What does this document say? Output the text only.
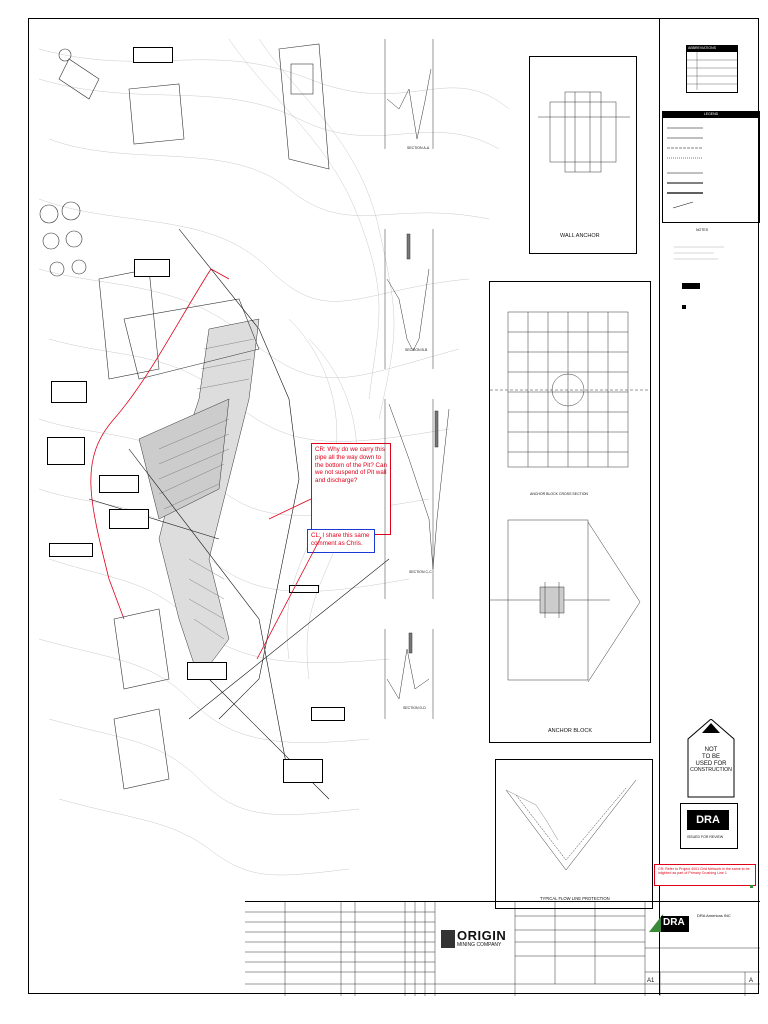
CR: Why do we carry this pipe all the way down to the bottom of the Pit? Can we not suspend of Pit wall and discharge?
CL: I share this same comment as Chris.
SECTION A-A
SECTION B-B
SECTION C-C
SECTION D-D
WALL ANCHOR
ANCHOR BLOCK CROSS SECTION
ANCHOR BLOCK
TYPICAL FLOW LINE PROTECTION
ABBREVIATIONS
LEGEND
NOTES
NOT
TO BE
USED FOR
CONSTRUCTION
DRA
ISSUED FOR REVIEW
CR: Refer to Project 4001 Grid Network in the same to be inlighted as part of Primary Crushing Line 1
ORIGIN
MINING COMPANY
DRA
DRA Americas INC
A1	A
